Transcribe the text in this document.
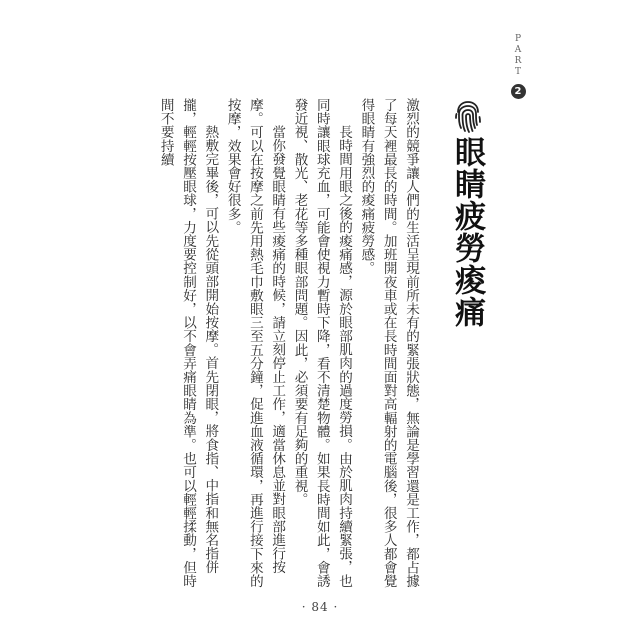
P
A
R
T
2
眼睛疲勞痠痛

激烈的競爭讓人們的生活呈現前所未有的緊張狀態，無論是學習還是工作，都占據了每天裡最長的時間。加班開夜車或在長時間面對高輻射的電腦後，很多人都會覺得眼睛有強烈的痠痛疲勞感。

長時間用眼之後的痠痛感，源於眼部肌肉的過度勞損。由於肌肉持續緊張，也同時讓眼球充血，可能會使視力暫時下降，看不清楚物體。如果長時間如此，會誘發近視、散光、老花等多種眼部問題。因此，必須要有足夠的重視。

當你發覺眼睛有些痠痛的時候，請立刻停止工作，適當休息並對眼部進行按摩。可以在按摩之前先用熱毛巾敷眼三至五分鐘，促進血液循環，再進行接下來的按摩，效果會好很多。

熱敷完畢後，可以先從頭部開始按摩。首先閉眼，將食指、中指和無名指併攏，輕輕按壓眼球，力度要控制好，以不會弄痛眼睛為準。也可以輕輕揉動，但時間不要持續

· 84 ·
